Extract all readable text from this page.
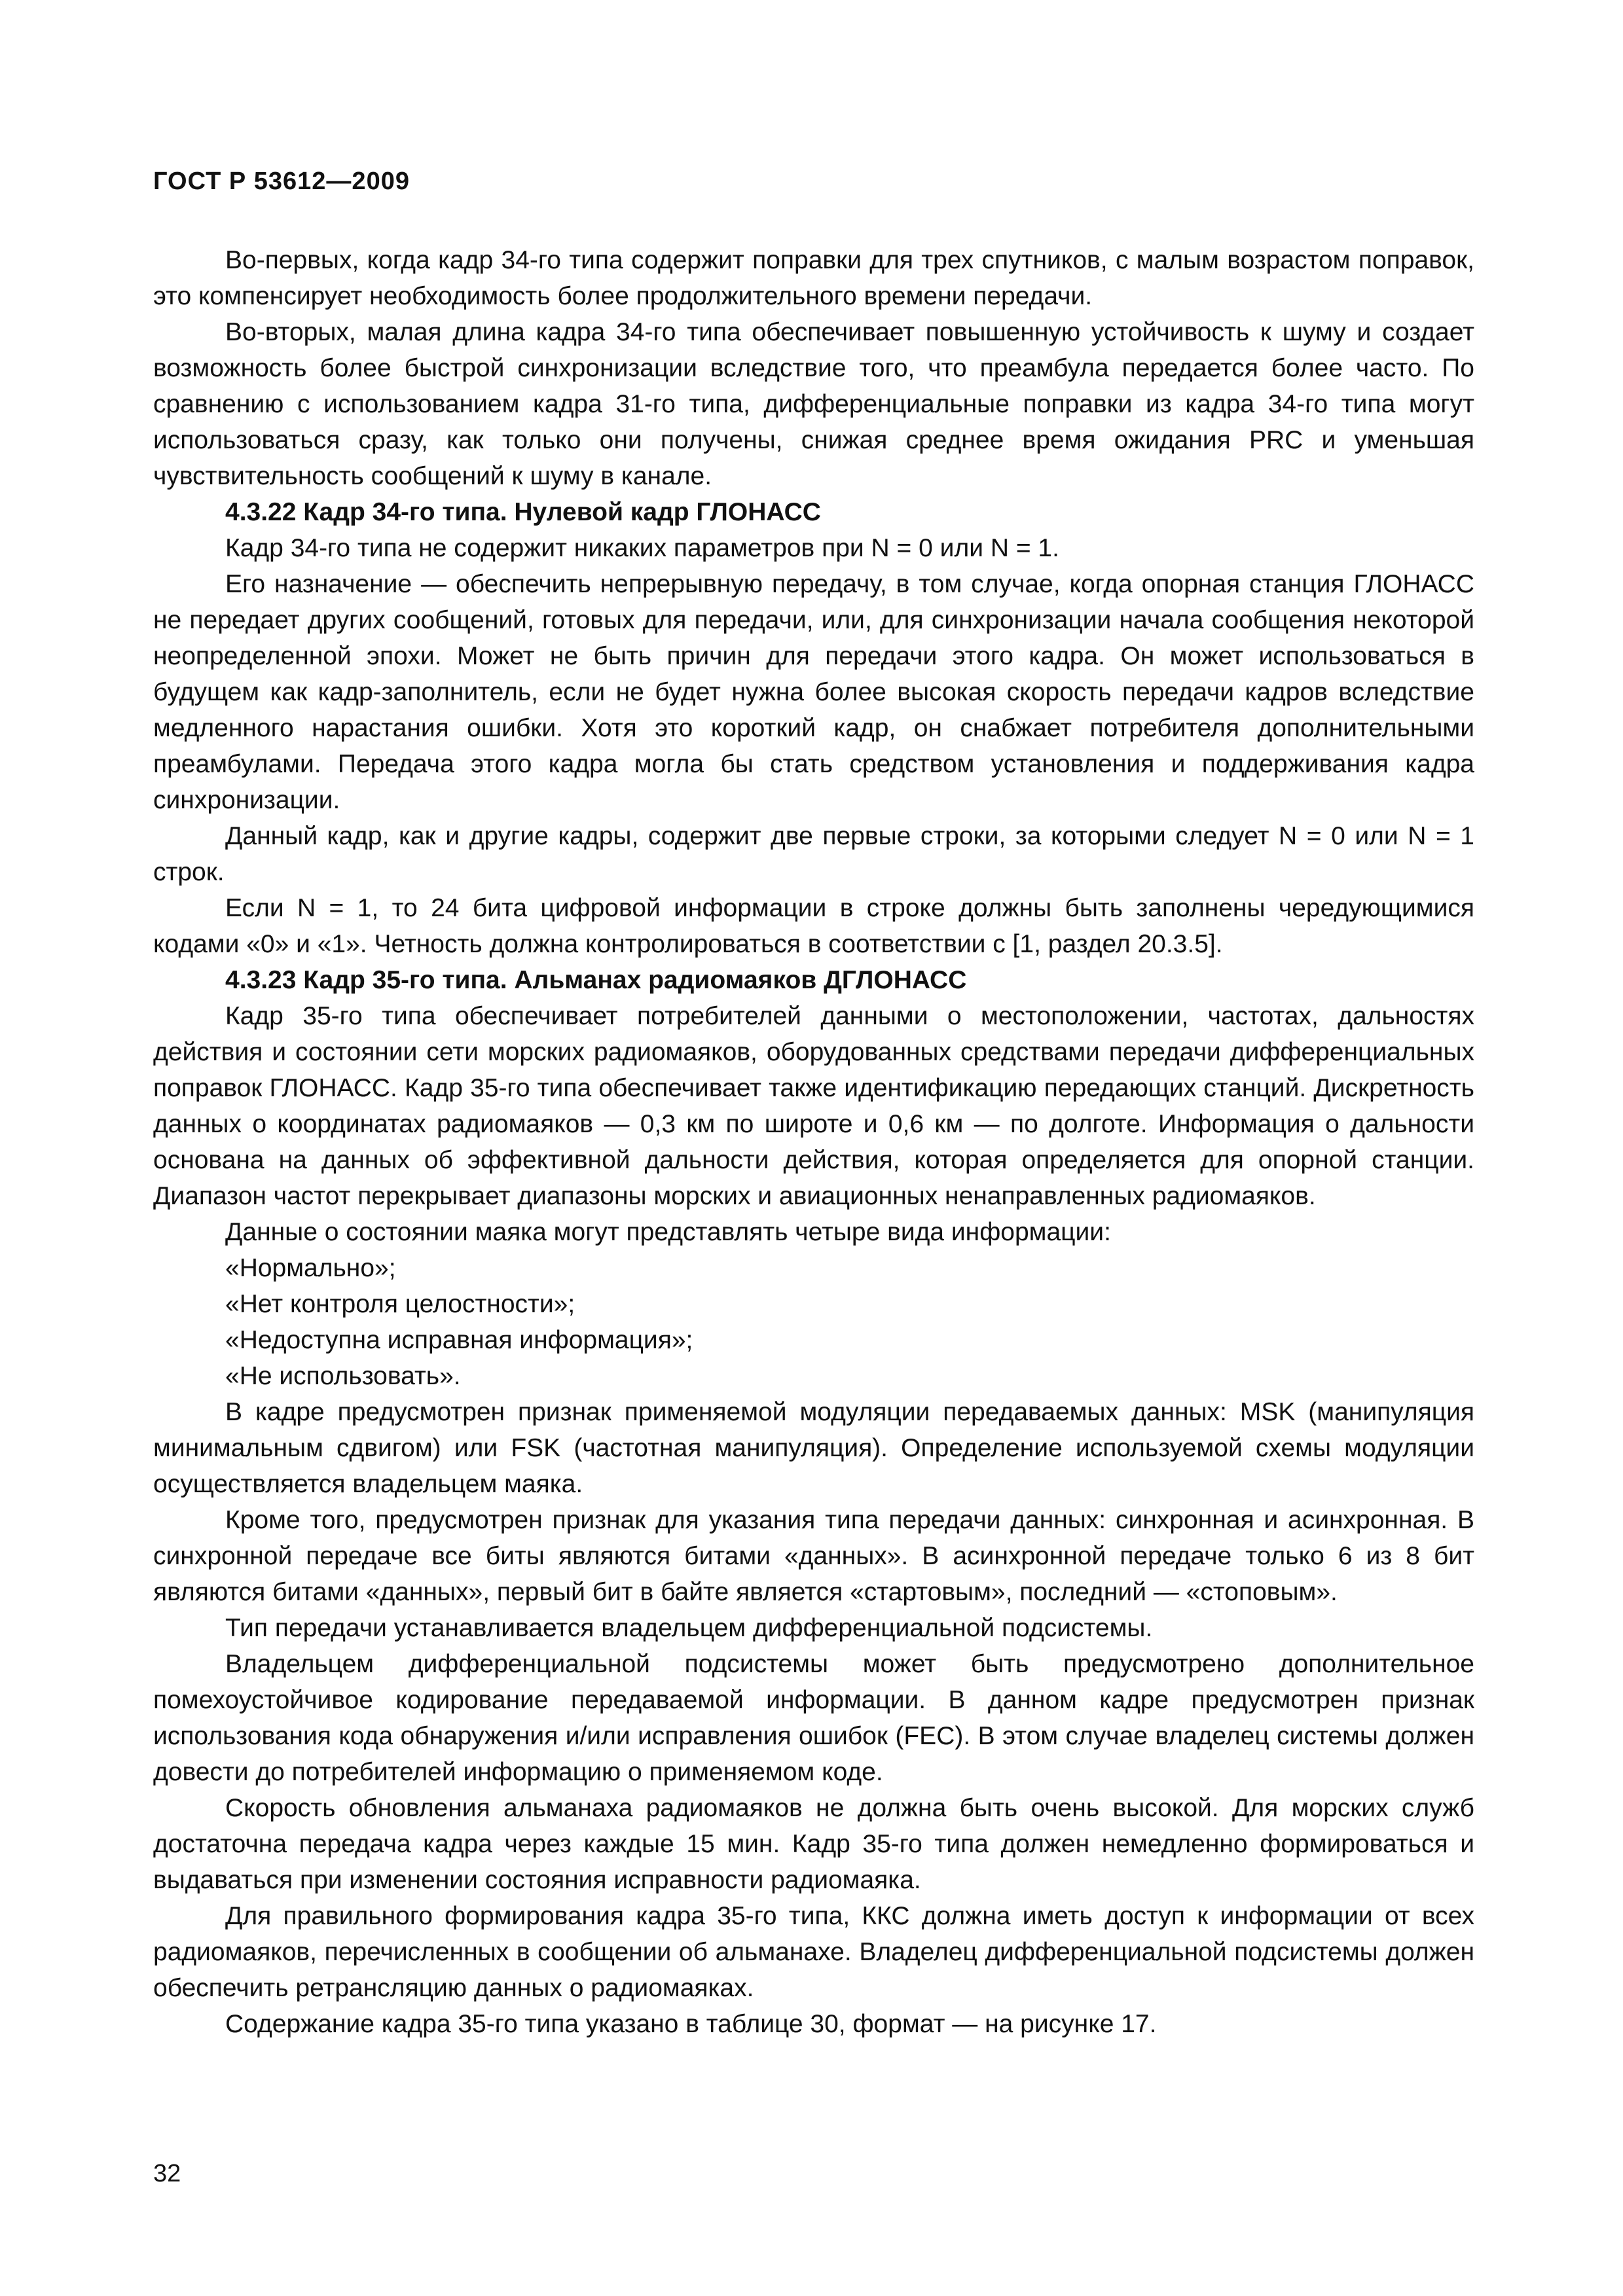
ГОСТ Р 53612—2009

Во-первых, когда кадр 34-го типа содержит поправки для трех спутников, с малым возрастом поправок, это компенсирует необходимость более продолжительного времени передачи.

Во-вторых, малая длина кадра 34-го типа обеспечивает повышенную устойчивость к шуму и создает возможность более быстрой синхронизации вследствие того, что преамбула передается более часто. По сравнению с использованием кадра 31-го типа, дифференциальные поправки из кадра 34-го типа могут использоваться сразу, как только они получены, снижая среднее время ожидания PRC и уменьшая чувствительность сообщений к шуму в канале.

4.3.22 Кадр 34-го типа. Нулевой кадр ГЛОНАСС

Кадр 34-го типа не содержит никаких параметров при N = 0 или N = 1.

Его назначение — обеспечить непрерывную передачу, в том случае, когда опорная станция ГЛОНАСС не передает других сообщений, готовых для передачи, или, для синхронизации начала сообщения некоторой неопределенной эпохи. Может не быть причин для передачи этого кадра. Он может использоваться в будущем как кадр-заполнитель, если не будет нужна более высокая скорость передачи кадров вследствие медленного нарастания ошибки. Хотя это короткий кадр, он снабжает потребителя дополнительными преамбулами. Передача этого кадра могла бы стать средством установления и поддерживания кадра синхронизации.

Данный кадр, как и другие кадры, содержит две первые строки, за которыми следует N = 0 или N = 1 строк.

Если N = 1, то 24 бита цифровой информации в строке должны быть заполнены чередующимися кодами «0» и «1». Четность должна контролироваться в соответствии с [1, раздел 20.3.5].

4.3.23 Кадр 35-го типа. Альманах радиомаяков ДГЛОНАСС

Кадр 35-го типа обеспечивает потребителей данными о местоположении, частотах, дальностях действия и состоянии сети морских радиомаяков, оборудованных средствами передачи дифференциальных поправок ГЛОНАСС. Кадр 35-го типа обеспечивает также идентификацию передающих станций. Дискретность данных о координатах радиомаяков — 0,3 км по широте и 0,6 км — по долготе. Информация о дальности основана на данных об эффективной дальности действия, которая определяется для опорной станции. Диапазон частот перекрывает диапазоны морских и авиационных ненаправленных радиомаяков.

Данные о состоянии маяка могут представлять четыре вида информации:

«Нормально»;

«Нет контроля целостности»;

«Недоступна исправная информация»;

«Не использовать».

В кадре предусмотрен признак применяемой модуляции передаваемых данных: MSK (манипуляция минимальным сдвигом) или FSK (частотная манипуляция). Определение используемой схемы модуляции осуществляется владельцем маяка.

Кроме того, предусмотрен признак для указания типа передачи данных: синхронная и асинхронная. В синхронной передаче все биты являются битами «данных». В асинхронной передаче только 6 из 8 бит являются битами «данных», первый бит в байте является «стартовым», последний — «стоповым».

Тип передачи устанавливается владельцем дифференциальной подсистемы.

Владельцем дифференциальной подсистемы может быть предусмотрено дополнительное помехоустойчивое кодирование передаваемой информации. В данном кадре предусмотрен признак использования кода обнаружения и/или исправления ошибок (FEC). В этом случае владелец системы должен довести до потребителей информацию о применяемом коде.

Скорость обновления альманаха радиомаяков не должна быть очень высокой. Для морских служб достаточна передача кадра через каждые 15 мин. Кадр 35-го типа должен немедленно формироваться и выдаваться при изменении состояния исправности радиомаяка.

Для правильного формирования кадра 35-го типа, ККС должна иметь доступ к информации от всех радиомаяков, перечисленных в сообщении об альманахе. Владелец дифференциальной подсистемы должен обеспечить ретрансляцию данных о радиомаяках.

Содержание кадра 35-го типа указано в таблице 30, формат — на рисунке 17.

32
